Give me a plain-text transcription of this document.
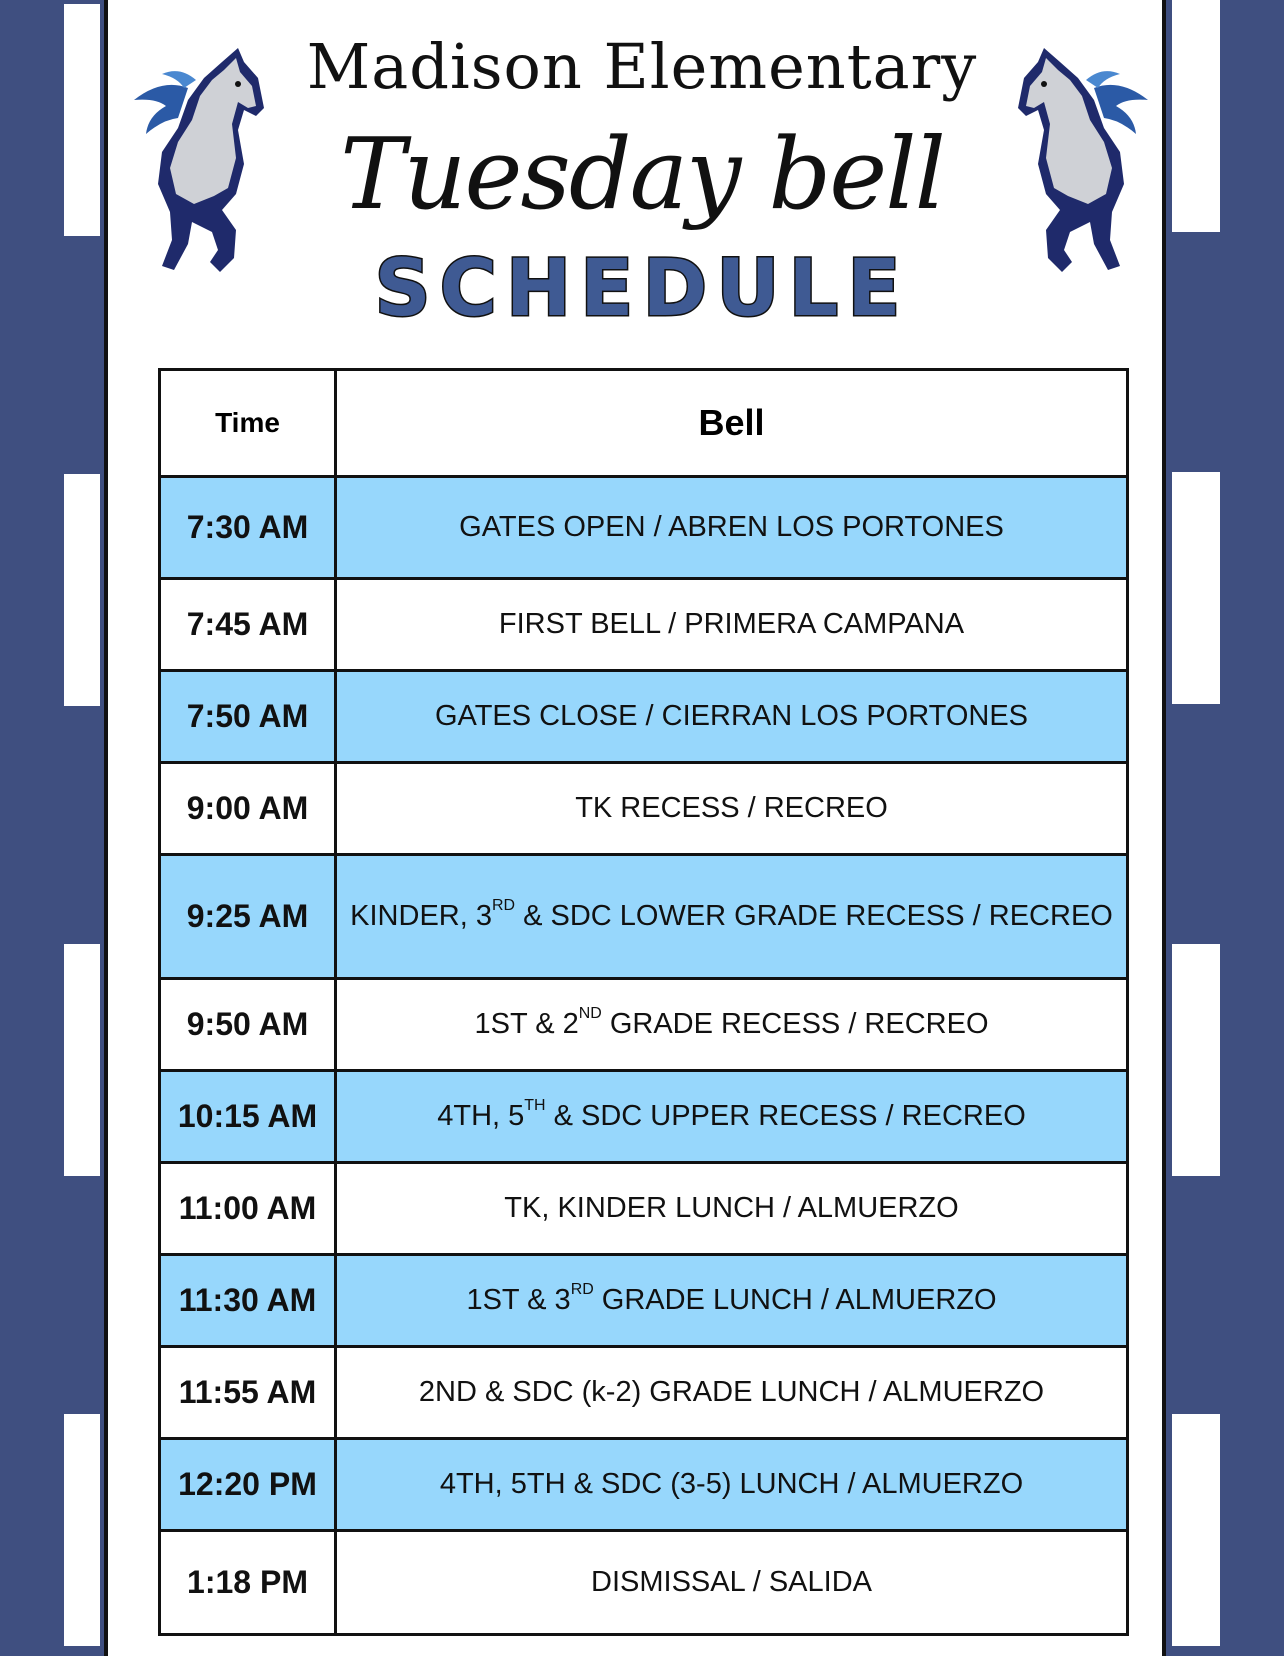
Madison Elementary
Tuesday bell
SCHEDULE
Time	Bell
7:30 AM	GATES OPEN / ABREN LOS PORTONES
7:45 AM	FIRST BELL / PRIMERA CAMPANA
7:50 AM	GATES CLOSE / CIERRAN LOS PORTONES
9:00 AM	TK RECESS / RECREO
9:25 AM	KINDER, 3RD & SDC LOWER GRADE RECESS / RECREO
9:50 AM	1ST & 2ND GRADE RECESS / RECREO
10:15 AM	4TH, 5TH & SDC UPPER RECESS / RECREO
11:00 AM	TK, KINDER LUNCH / ALMUERZO
11:30 AM	1ST & 3RD GRADE LUNCH / ALMUERZO
11:55 AM	2ND & SDC (k-2) GRADE LUNCH / ALMUERZO
12:20 PM	4TH, 5TH & SDC (3-5) LUNCH / ALMUERZO
1:18 PM	DISMISSAL / SALIDA
